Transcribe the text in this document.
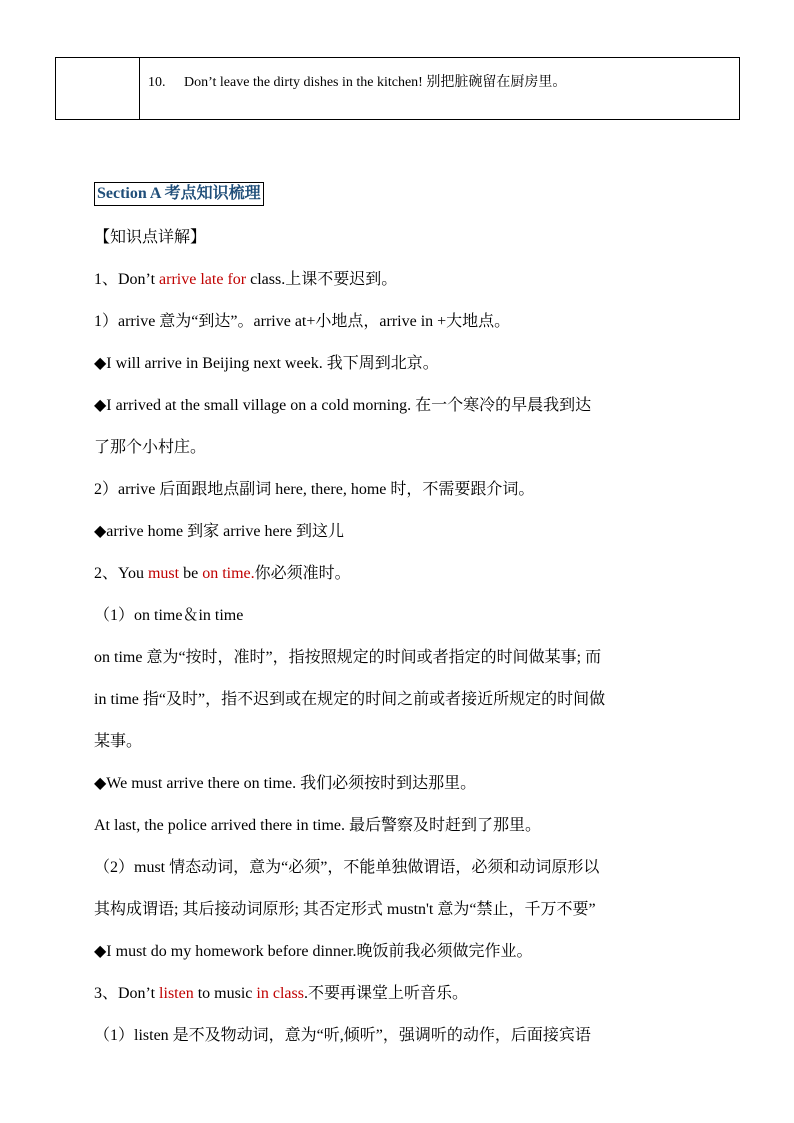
	10. Don’t leave the dirty dishes in the kitchen! 别把脏碗留在厨房里。
Section A 考点知识梳理
【知识点详解】
1、Don’t arrive late for class.上课不要迟到。
1）arrive 意为“到达”。arrive at+小地点，arrive in +大地点。
◆I will arrive in Beijing next week. 我下周到北京。
◆I arrived at the small village on a cold morning. 在一个寒冷的早晨我到达
了那个小村庄。
2）arrive 后面跟地点副词 here, there, home 时，不需要跟介词。
◆arrive home 到家 arrive here 到这儿
2、You must be on time.你必须准时。
（1）on time＆in time
on time 意为“按时，准时”，指按照规定的时间或者指定的时间做某事; 而
in time 指“及时”，指不迟到或在规定的时间之前或者接近所规定的时间做
某事。
◆We must arrive there on time. 我们必须按时到达那里。
At last, the police arrived there in time. 最后警察及时赶到了那里。
（2）must 情态动词，意为“必须”，不能单独做谓语，必须和动词原形以
其构成谓语; 其后接动词原形; 其否定形式 mustn't 意为“禁止，千万不要”
◆I must do my homework before dinner.晚饭前我必须做完作业。
3、Don’t listen to music in class.不要再课堂上听音乐。
（1）listen 是不及物动词，意为“听,倾听”，强调听的动作，后面接宾语
